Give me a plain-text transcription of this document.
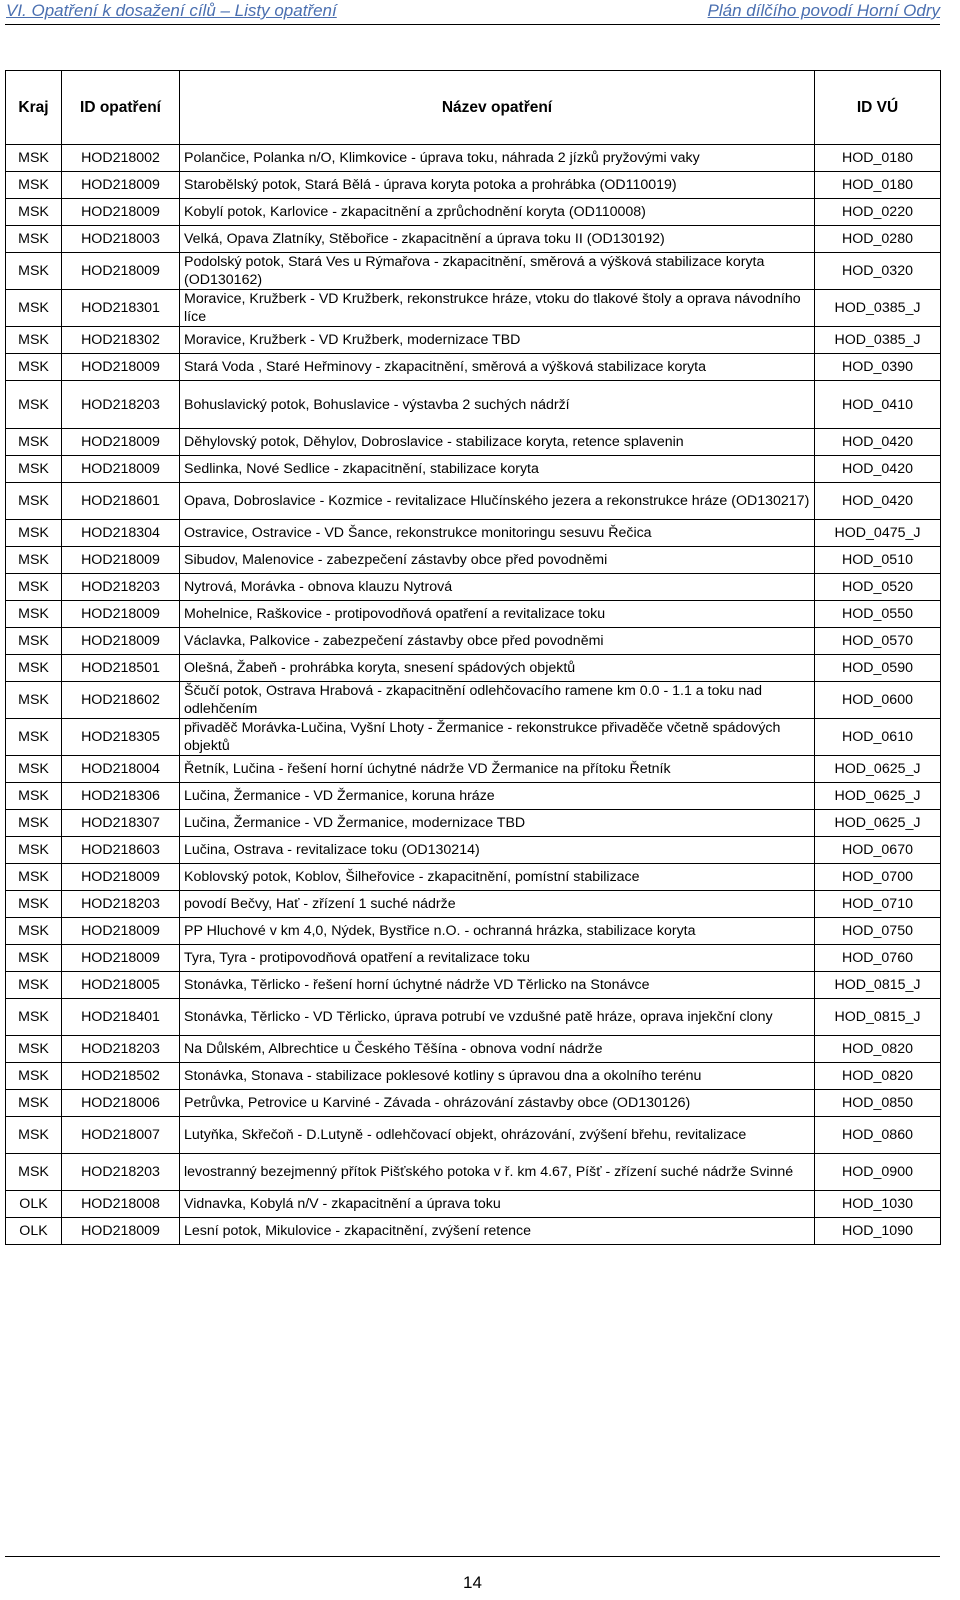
VI. Opatření k dosažení cílů – Listy opatření	Plán dílčího povodí Horní Odry
Kraj	ID opatření	Název opatření	ID VÚ
MSK	HOD218002	Polančice, Polanka n/O, Klimkovice - úprava toku, náhrada 2 jízků pryžovými vaky	HOD_0180
MSK	HOD218009	Starobělský potok, Stará Bělá - úprava koryta potoka a prohrábka (OD110019)	HOD_0180
MSK	HOD218009	Kobylí potok, Karlovice - zkapacitnění a zprůchodnění koryta (OD110008)	HOD_0220
MSK	HOD218003	Velká, Opava Zlatníky, Stěbořice - zkapacitnění a úprava toku II (OD130192)	HOD_0280
MSK	HOD218009	Podolský potok, Stará Ves u Rýmařova - zkapacitnění, směrová a výšková stabilizace koryta (OD130162)	HOD_0320
MSK	HOD218301	Moravice, Kružberk - VD Kružberk, rekonstrukce hráze, vtoku do tlakové štoly a oprava návodního líce	HOD_0385_J
MSK	HOD218302	Moravice, Kružberk - VD Kružberk, modernizace TBD	HOD_0385_J
MSK	HOD218009	Stará Voda , Staré Heřminovy - zkapacitnění, směrová a výšková stabilizace koryta	HOD_0390
MSK	HOD218203	Bohuslavický potok, Bohuslavice - výstavba 2 suchých nádrží	HOD_0410
MSK	HOD218009	Děhylovský potok, Děhylov, Dobroslavice - stabilizace koryta, retence splavenin	HOD_0420
MSK	HOD218009	Sedlinka, Nové Sedlice - zkapacitnění, stabilizace koryta	HOD_0420
MSK	HOD218601	Opava, Dobroslavice - Kozmice - revitalizace Hlučínského jezera a rekonstrukce hráze (OD130217)	HOD_0420
MSK	HOD218304	Ostravice, Ostravice - VD Šance, rekonstrukce monitoringu sesuvu Řečica	HOD_0475_J
MSK	HOD218009	Sibudov, Malenovice - zabezpečení zástavby obce před povodněmi	HOD_0510
MSK	HOD218203	Nytrová, Morávka - obnova klauzu Nytrová	HOD_0520
MSK	HOD218009	Mohelnice, Raškovice - protipovodňová opatření a revitalizace toku	HOD_0550
MSK	HOD218009	Václavka, Palkovice - zabezpečení zástavby obce před povodněmi	HOD_0570
MSK	HOD218501	Olešná, Žabeň - prohrábka koryta, snesení spádových objektů	HOD_0590
MSK	HOD218602	Ščučí potok, Ostrava Hrabová - zkapacitnění odlehčovacího ramene km 0.0 - 1.1 a toku nad odlehčením	HOD_0600
MSK	HOD218305	přivaděč Morávka-Lučina, Vyšní Lhoty - Žermanice - rekonstrukce přivaděče včetně spádových objektů	HOD_0610
MSK	HOD218004	Řetník, Lučina - řešení horní úchytné nádrže VD Žermanice na přítoku Řetník	HOD_0625_J
MSK	HOD218306	Lučina, Žermanice - VD Žermanice, koruna hráze	HOD_0625_J
MSK	HOD218307	Lučina, Žermanice - VD Žermanice, modernizace TBD	HOD_0625_J
MSK	HOD218603	Lučina, Ostrava - revitalizace toku (OD130214)	HOD_0670
MSK	HOD218009	Koblovský potok, Koblov, Šilheřovice - zkapacitnění, pomístní stabilizace	HOD_0700
MSK	HOD218203	povodí Bečvy, Hať - zřízení 1 suché nádrže	HOD_0710
MSK	HOD218009	PP Hluchové v km 4,0, Nýdek, Bystřice n.O. - ochranná hrázka, stabilizace koryta	HOD_0750
MSK	HOD218009	Tyra, Tyra - protipovodňová opatření a revitalizace toku	HOD_0760
MSK	HOD218005	Stonávka, Těrlicko - řešení horní úchytné nádrže VD Těrlicko na Stonávce	HOD_0815_J
MSK	HOD218401	Stonávka, Těrlicko - VD Těrlicko, úprava potrubí ve vzdušné patě hráze, oprava injekční clony	HOD_0815_J
MSK	HOD218203	Na Důlském, Albrechtice u Českého Těšína - obnova vodní nádrže	HOD_0820
MSK	HOD218502	Stonávka, Stonava - stabilizace poklesové kotliny s úpravou dna a okolního terénu	HOD_0820
MSK	HOD218006	Petrůvka, Petrovice u Karviné - Závada - ohrázování zástavby obce (OD130126)	HOD_0850
MSK	HOD218007	Lutyňka, Skřečoň - D.Lutyně - odlehčovací objekt, ohrázování, zvýšení břehu, revitalizace	HOD_0860
MSK	HOD218203	levostranný bezejmenný přítok Pišťského potoka v ř. km 4.67, Píšť - zřízení suché nádrže Svinné	HOD_0900
OLK	HOD218008	Vidnavka, Kobylá n/V - zkapacitnění a úprava toku	HOD_1030
OLK	HOD218009	Lesní potok, Mikulovice - zkapacitnění, zvýšení retence	HOD_1090
14
